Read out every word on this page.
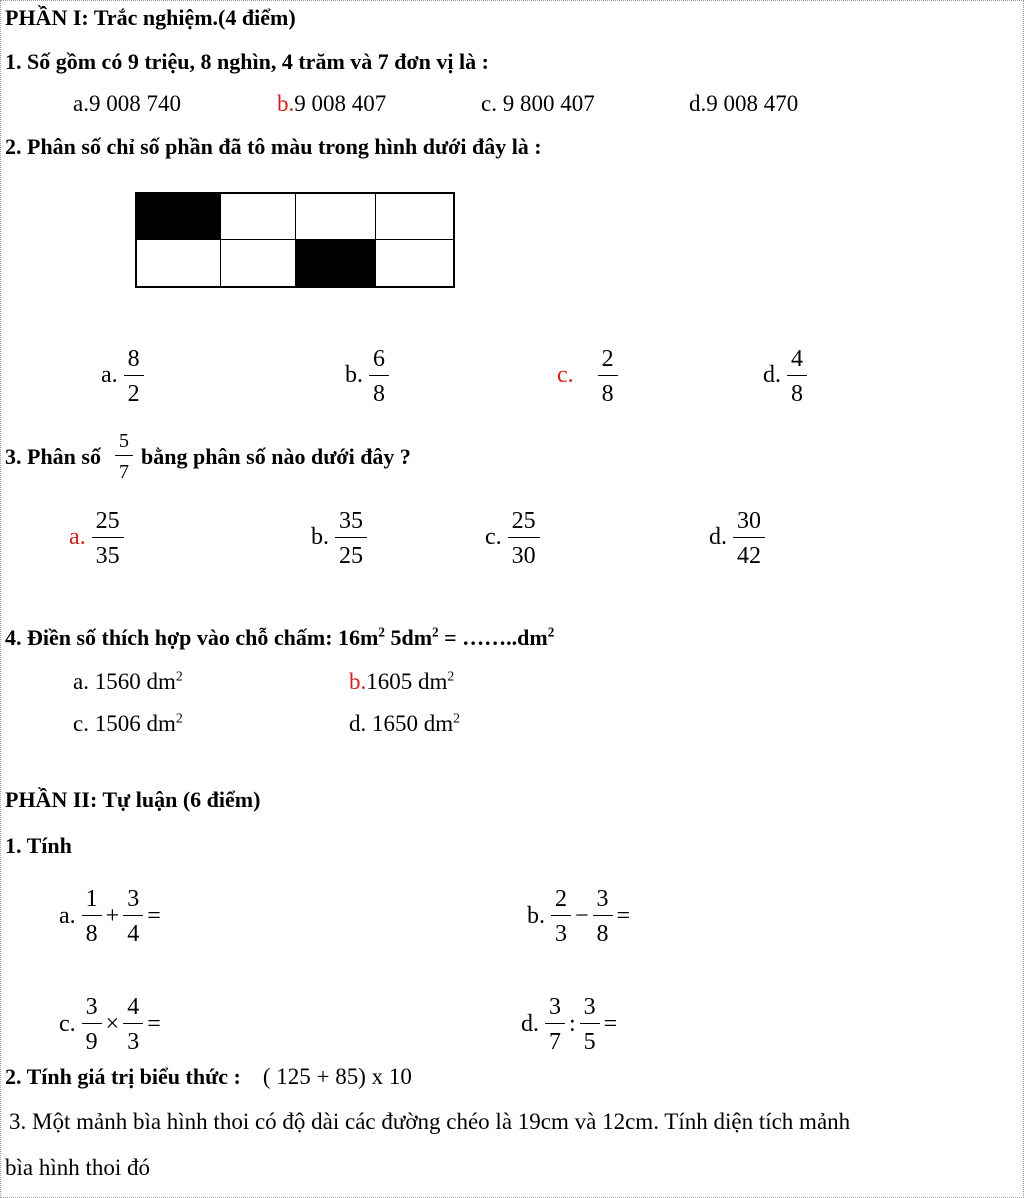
PHẦN I: Trắc nghiệm.(4 điểm)
1. Số gồm có 9 triệu, 8 nghìn, 4 trăm và 7 đơn vị là :
a.9 008 740	b.9 008 407	c. 9 800 407	d.9 008 470
2. Phân số chỉ số phần đã tô màu trong hình dưới đây là :
a. $\frac{8}{2}$	b. $\frac{6}{8}$	c. $\frac{2}{8}$	d. $\frac{4}{8}$
3. Phân số $\frac{5}{7}$ bằng phân số nào dưới đây ?
a. $\frac{25}{35}$	b. $\frac{35}{25}$	c. $\frac{25}{30}$	d. $\frac{30}{42}$
4. Điền số thích hợp vào chỗ chấm: $16m^2$ $5dm^2$ = $\dots\dots..dm^2$
a. 1560 $dm^2$	b.1605 $dm^2$
c. 1506 $dm^2$	d. 1650 $dm^2$
PHẦN II: Tự luận (6 điểm)
1. Tính
a. $\frac{1}{8} + \frac{3}{4}$ =	b. $\frac{2}{3} - \frac{3}{8}$ =
c. $\frac{3}{9} \times \frac{4}{3}$ =	d. $\frac{3}{7}$ : $\frac{3}{5}$ =
2. Tính giá trị biểu thức : ( 125 + 85) x 10
3. Một mảnh bìa hình thoi có độ dài các đường chéo là 19cm và 12cm. Tính diện tích mảnh
bìa hình thoi đó
